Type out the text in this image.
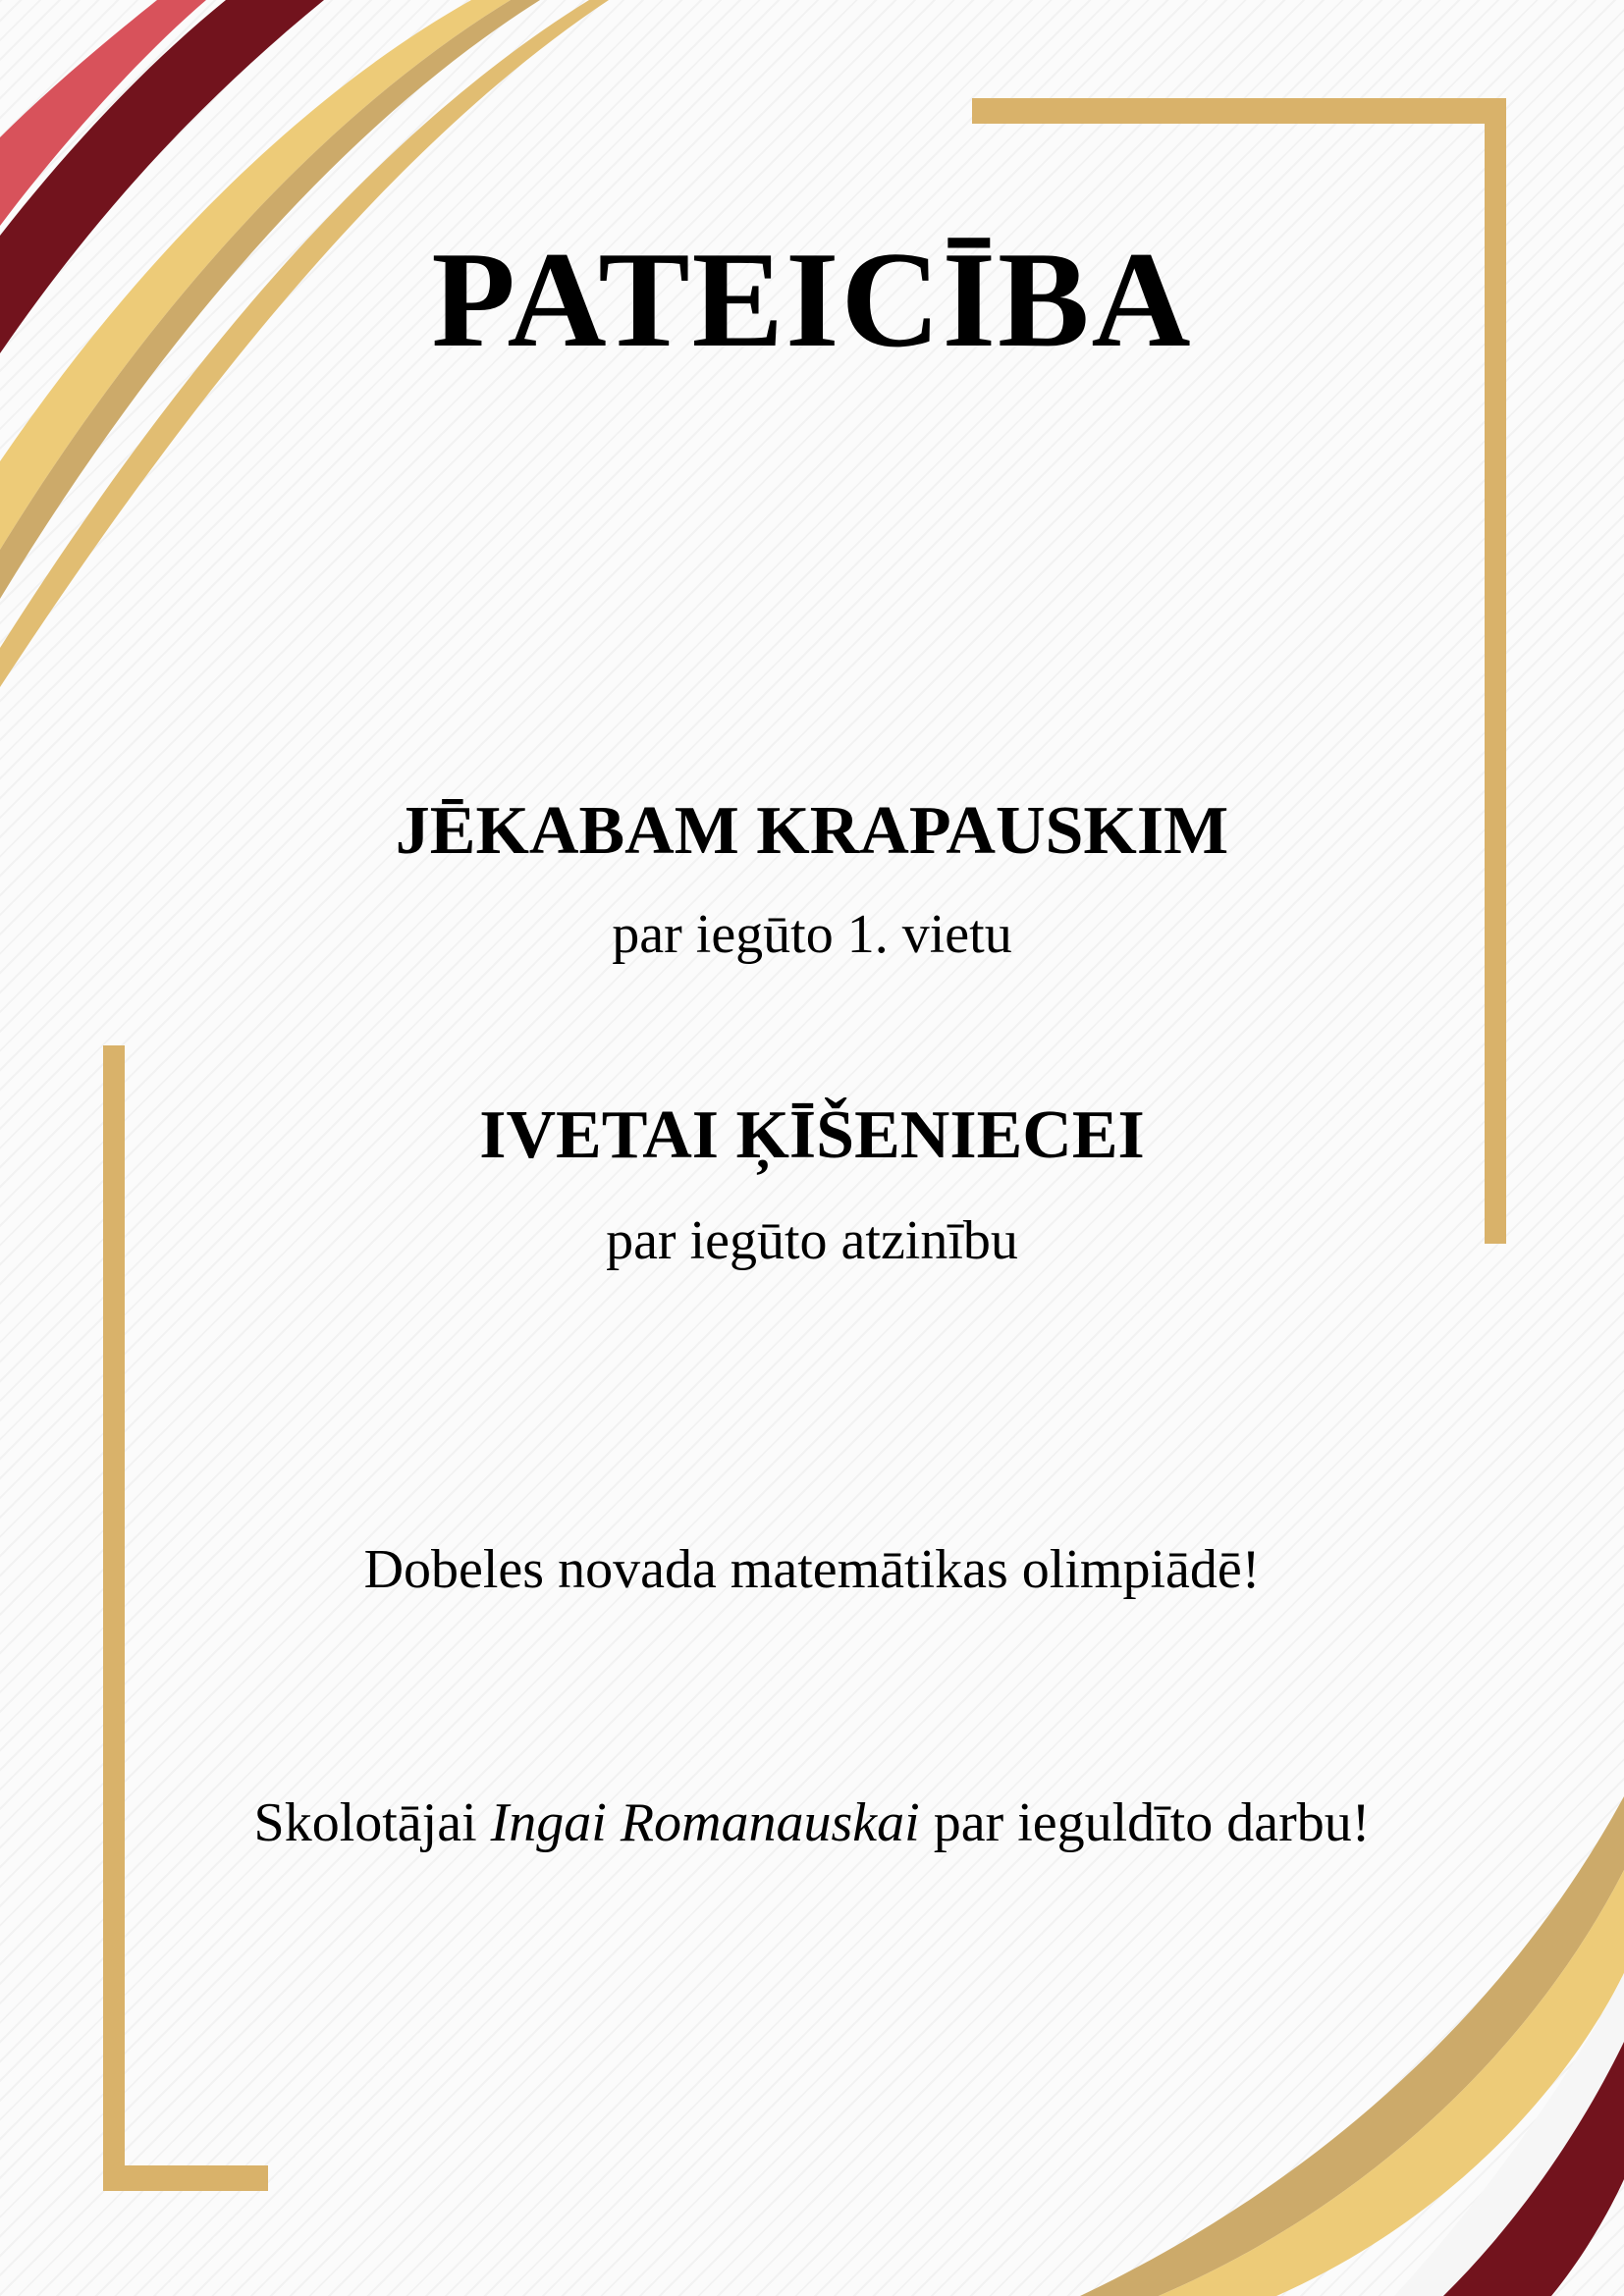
PATEICĪBA
JĒKABAM KRAPAUSKIM
par iegūto 1. vietu
IVETAI ĶĪŠENIECEI
par iegūto atzinību
Dobeles novada matemātikas olimpiādē!
Skolotājai Ingai Romanauskai par ieguldīto darbu!
